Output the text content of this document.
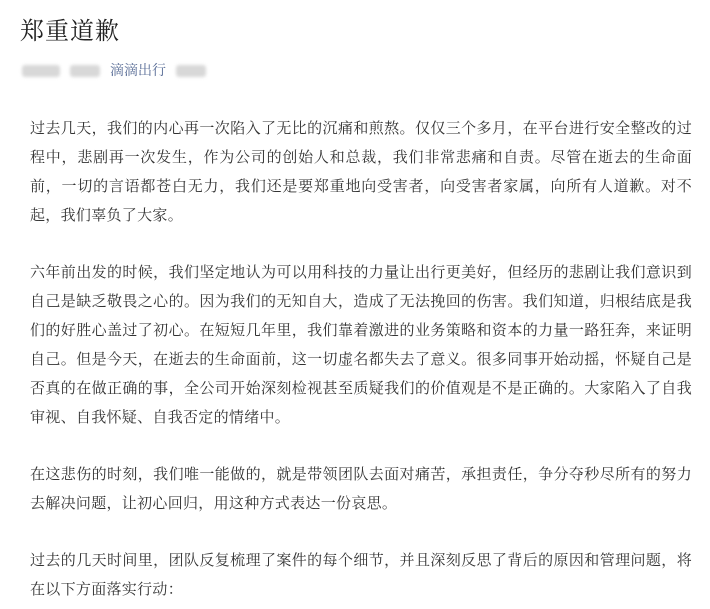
郑重道歉
滴滴出行

过去几天，我们的内心再一次陷入了无比的沉痛和煎熬。仅仅三个多月，在平台进行安全整改的过程中，悲剧再一次发生，作为公司的创始人和总裁，我们非常悲痛和自责。尽管在逝去的生命面前，一切的言语都苍白无力，我们还是要郑重地向受害者，向受害者家属，向所有人道歉。对不起，我们辜负了大家。

六年前出发的时候，我们坚定地认为可以用科技的力量让出行更美好，但经历的悲剧让我们意识到自己是缺乏敬畏之心的。因为我们的无知自大，造成了无法挽回的伤害。我们知道，归根结底是我们的好胜心盖过了初心。在短短几年里，我们靠着激进的业务策略和资本的力量一路狂奔，来证明自己。但是今天，在逝去的生命面前，这一切虚名都失去了意义。很多同事开始动摇，怀疑自己是否真的在做正确的事，全公司开始深刻检视甚至质疑我们的价值观是不是正确的。大家陷入了自我审视、自我怀疑、自我否定的情绪中。

在这悲伤的时刻，我们唯一能做的，就是带领团队去面对痛苦，承担责任，争分夺秒尽所有的努力去解决问题，让初心回归，用这种方式表达一份哀思。

过去的几天时间里，团队反复梳理了案件的每个细节，并且深刻反思了背后的原因和管理问题，将在以下方面落实行动：
